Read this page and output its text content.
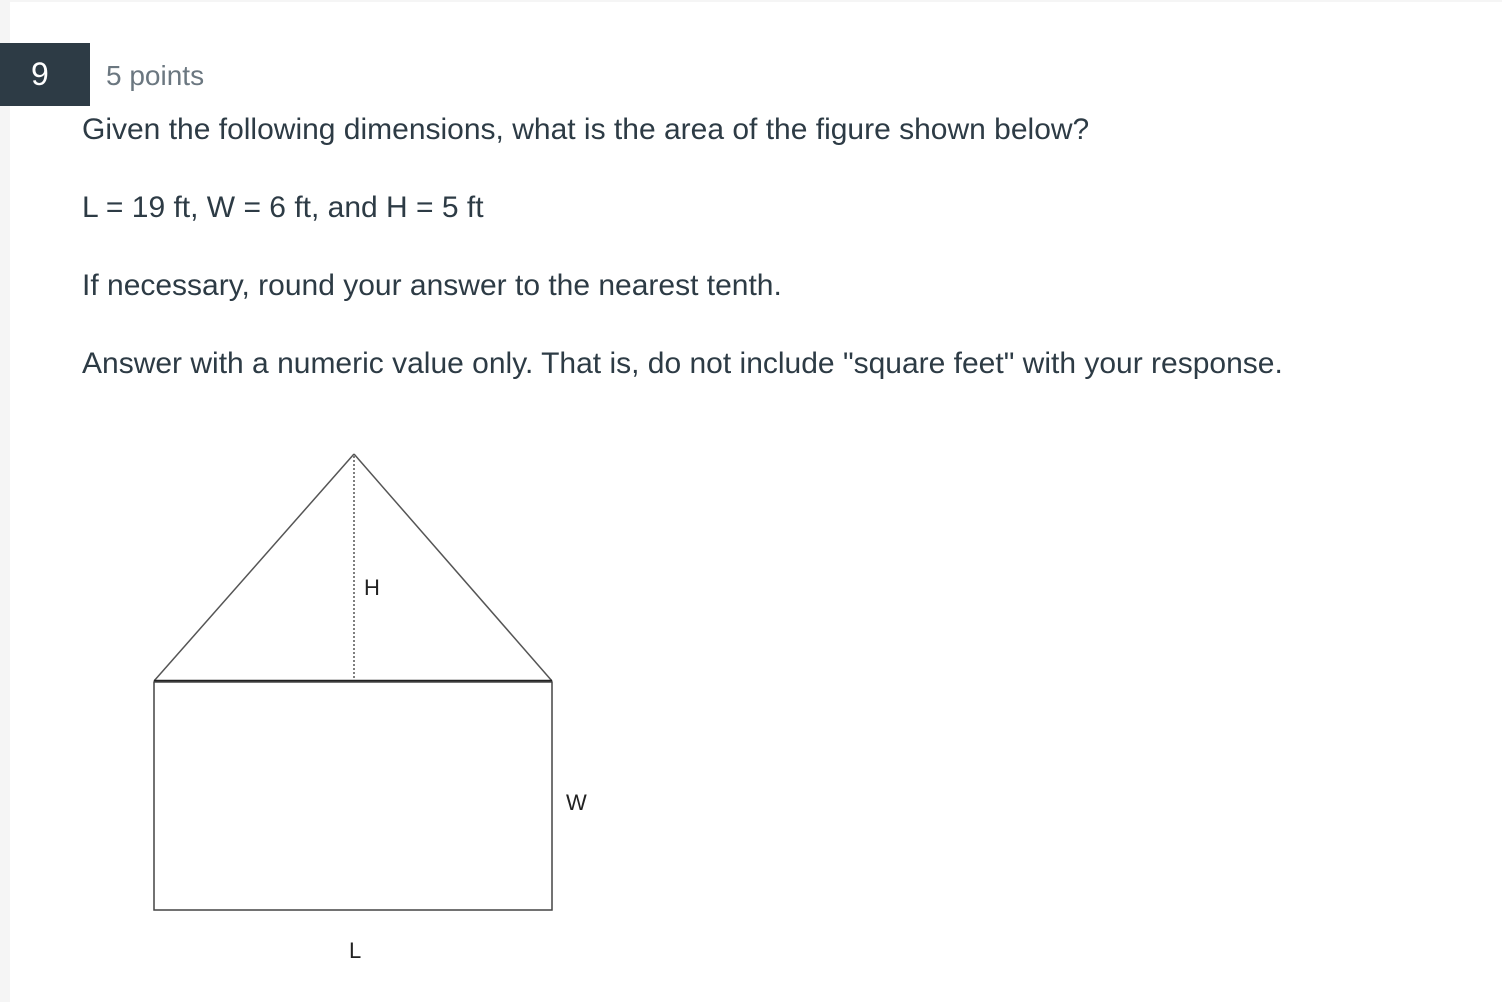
9	5 points
Given the following dimensions, what is the area of the figure shown below?
L = 19 ft, W = 6 ft, and H = 5 ft
If necessary, round your answer to the nearest tenth.
Answer with a numeric value only. That is, do not include "square feet" with your response.
H
W
L
